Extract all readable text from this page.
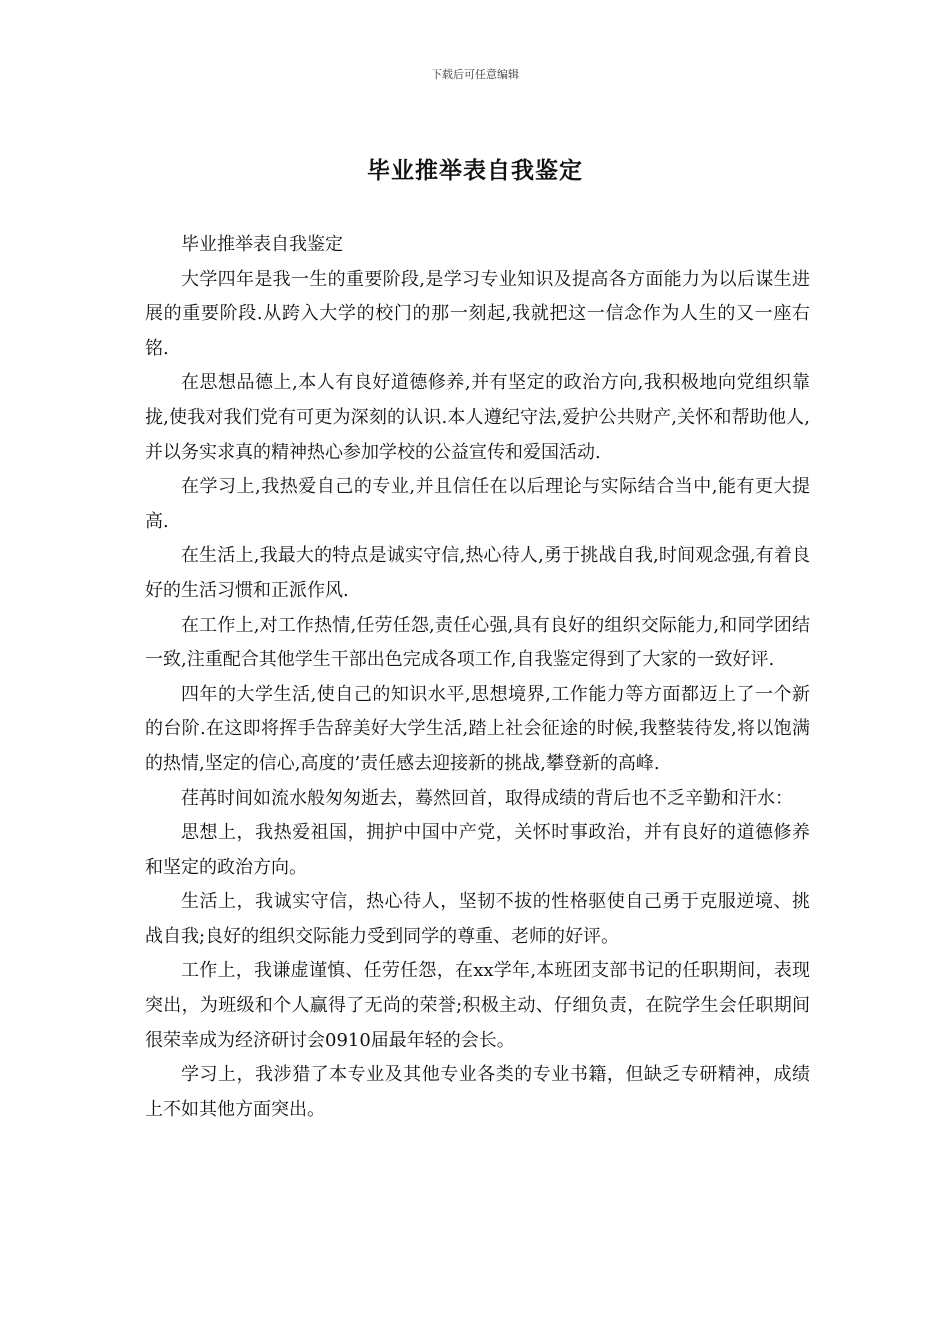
下载后可任意编辑
毕业推举表自我鉴定

毕业推举表自我鉴定

大学四年是我一生的重要阶段,是学习专业知识及提高各方面能力为以后谋生进展的重要阶段.从跨入大学的校门的那一刻起,我就把这一信念作为人生的又一座右铭.

在思想品德上,本人有良好道德修养,并有坚定的政治方向,我积极地向党组织靠拢,使我对我们党有可更为深刻的认识.本人遵纪守法,爱护公共财产,关怀和帮助他人,并以务实求真的精神热心参加学校的公益宣传和爱国活动.

在学习上,我热爱自己的专业,并且信任在以后理论与实际结合当中,能有更大提高.

在生活上,我最大的特点是诚实守信,热心待人,勇于挑战自我,时间观念强,有着良好的生活习惯和正派作风.

在工作上,对工作热情,任劳任怨,责任心强,具有良好的组织交际能力,和同学团结一致,注重配合其他学生干部出色完成各项工作,自我鉴定得到了大家的一致好评.

四年的大学生活,使自己的知识水平,思想境界,工作能力等方面都迈上了一个新的台阶.在这即将挥手告辞美好大学生活,踏上社会征途的时候,我整装待发,将以饱满的热情,坚定的信心,高度的’责任感去迎接新的挑战,攀登新的高峰.

荏苒时间如流水般匆匆逝去，蓦然回首，取得成绩的背后也不乏辛勤和汗水：

思想上，我热爱祖国，拥护中国中产党，关怀时事政治，并有良好的道德修养和坚定的政治方向。

生活上，我诚实守信，热心待人，坚韧不拔的性格驱使自己勇于克服逆境、挑战自我;良好的组织交际能力受到同学的尊重、老师的好评。

工作上，我谦虚谨慎、任劳任怨，在xx学年,本班团支部书记的任职期间，表现突出，为班级和个人赢得了无尚的荣誉;积极主动、仔细负责，在院学生会任职期间很荣幸成为经济研讨会0910届最年轻的会长。

学习上，我涉猎了本专业及其他专业各类的专业书籍，但缺乏专研精神，成绩上不如其他方面突出。
